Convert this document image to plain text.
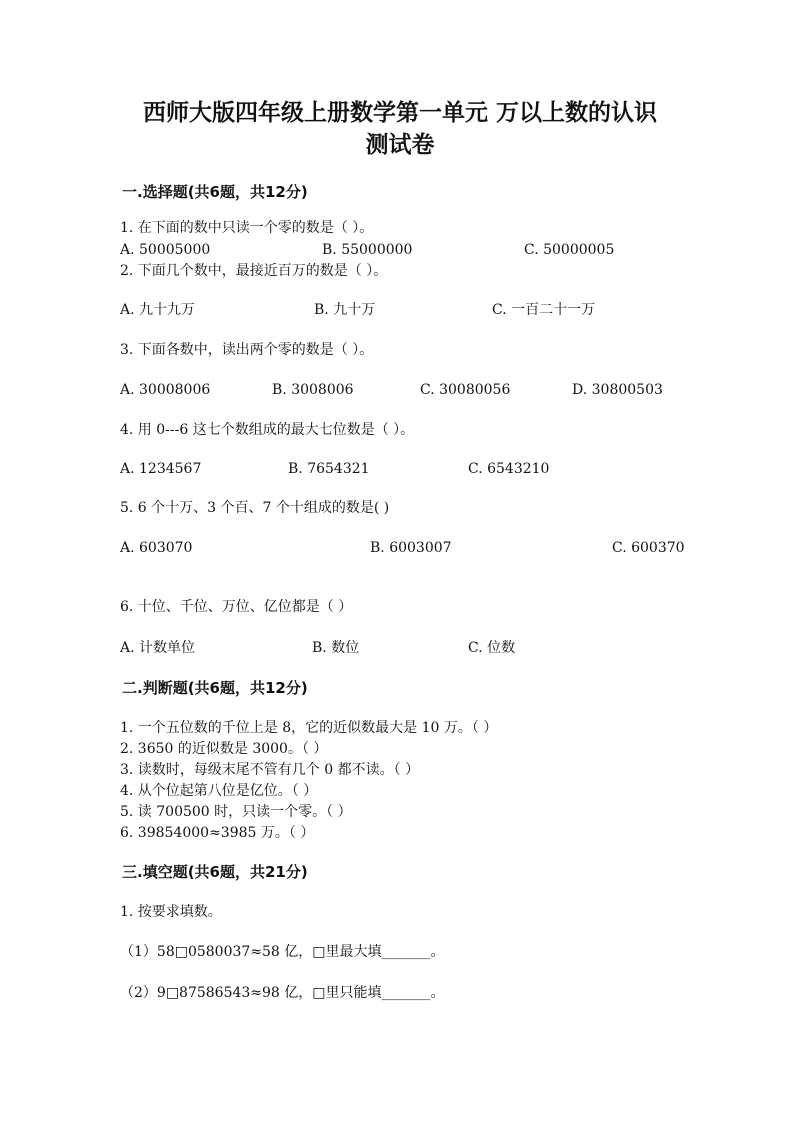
西师大版四年级上册数学第一单元 万以上数的认识
测试卷
一.选择题(共6题，共12分)
1. 在下面的数中只读一个零的数是（ ）。
A. 50005000	B. 55000000	C. 50000005
2. 下面几个数中，最接近百万的数是（ ）。
A. 九十九万	B. 九十万	C. 一百二十一万
3. 下面各数中，读出两个零的数是（ ）。
A. 30008006	B. 3008006	C. 30080056	D. 30800503
4. 用 0---6 这七个数组成的最大七位数是（ ）。
A. 1234567	B. 7654321	C. 6543210
5. 6 个十万、3 个百、7 个十组成的数是( )
A. 603070	B. 6003007	C. 600370
6. 十位、千位、万位、亿位都是（ ）
A. 计数单位	B. 数位	C. 位数
二.判断题(共6题，共12分)
1. 一个五位数的千位上是 8，它的近似数最大是 10 万。（ ）
2. 3650 的近似数是 3000。（ ）
3. 读数时，每级末尾不管有几个 0 都不读。（ ）
4. 从个位起第八位是亿位。（ ）
5. 读 700500 时，只读一个零。（ ）
6. 39854000≈3985 万。（ ）
三.填空题(共6题，共21分)
1. 按要求填数。
（1）58□0580037≈58 亿，□里最大填_______。
（2）9□87586543≈98 亿，□里只能填_______。
